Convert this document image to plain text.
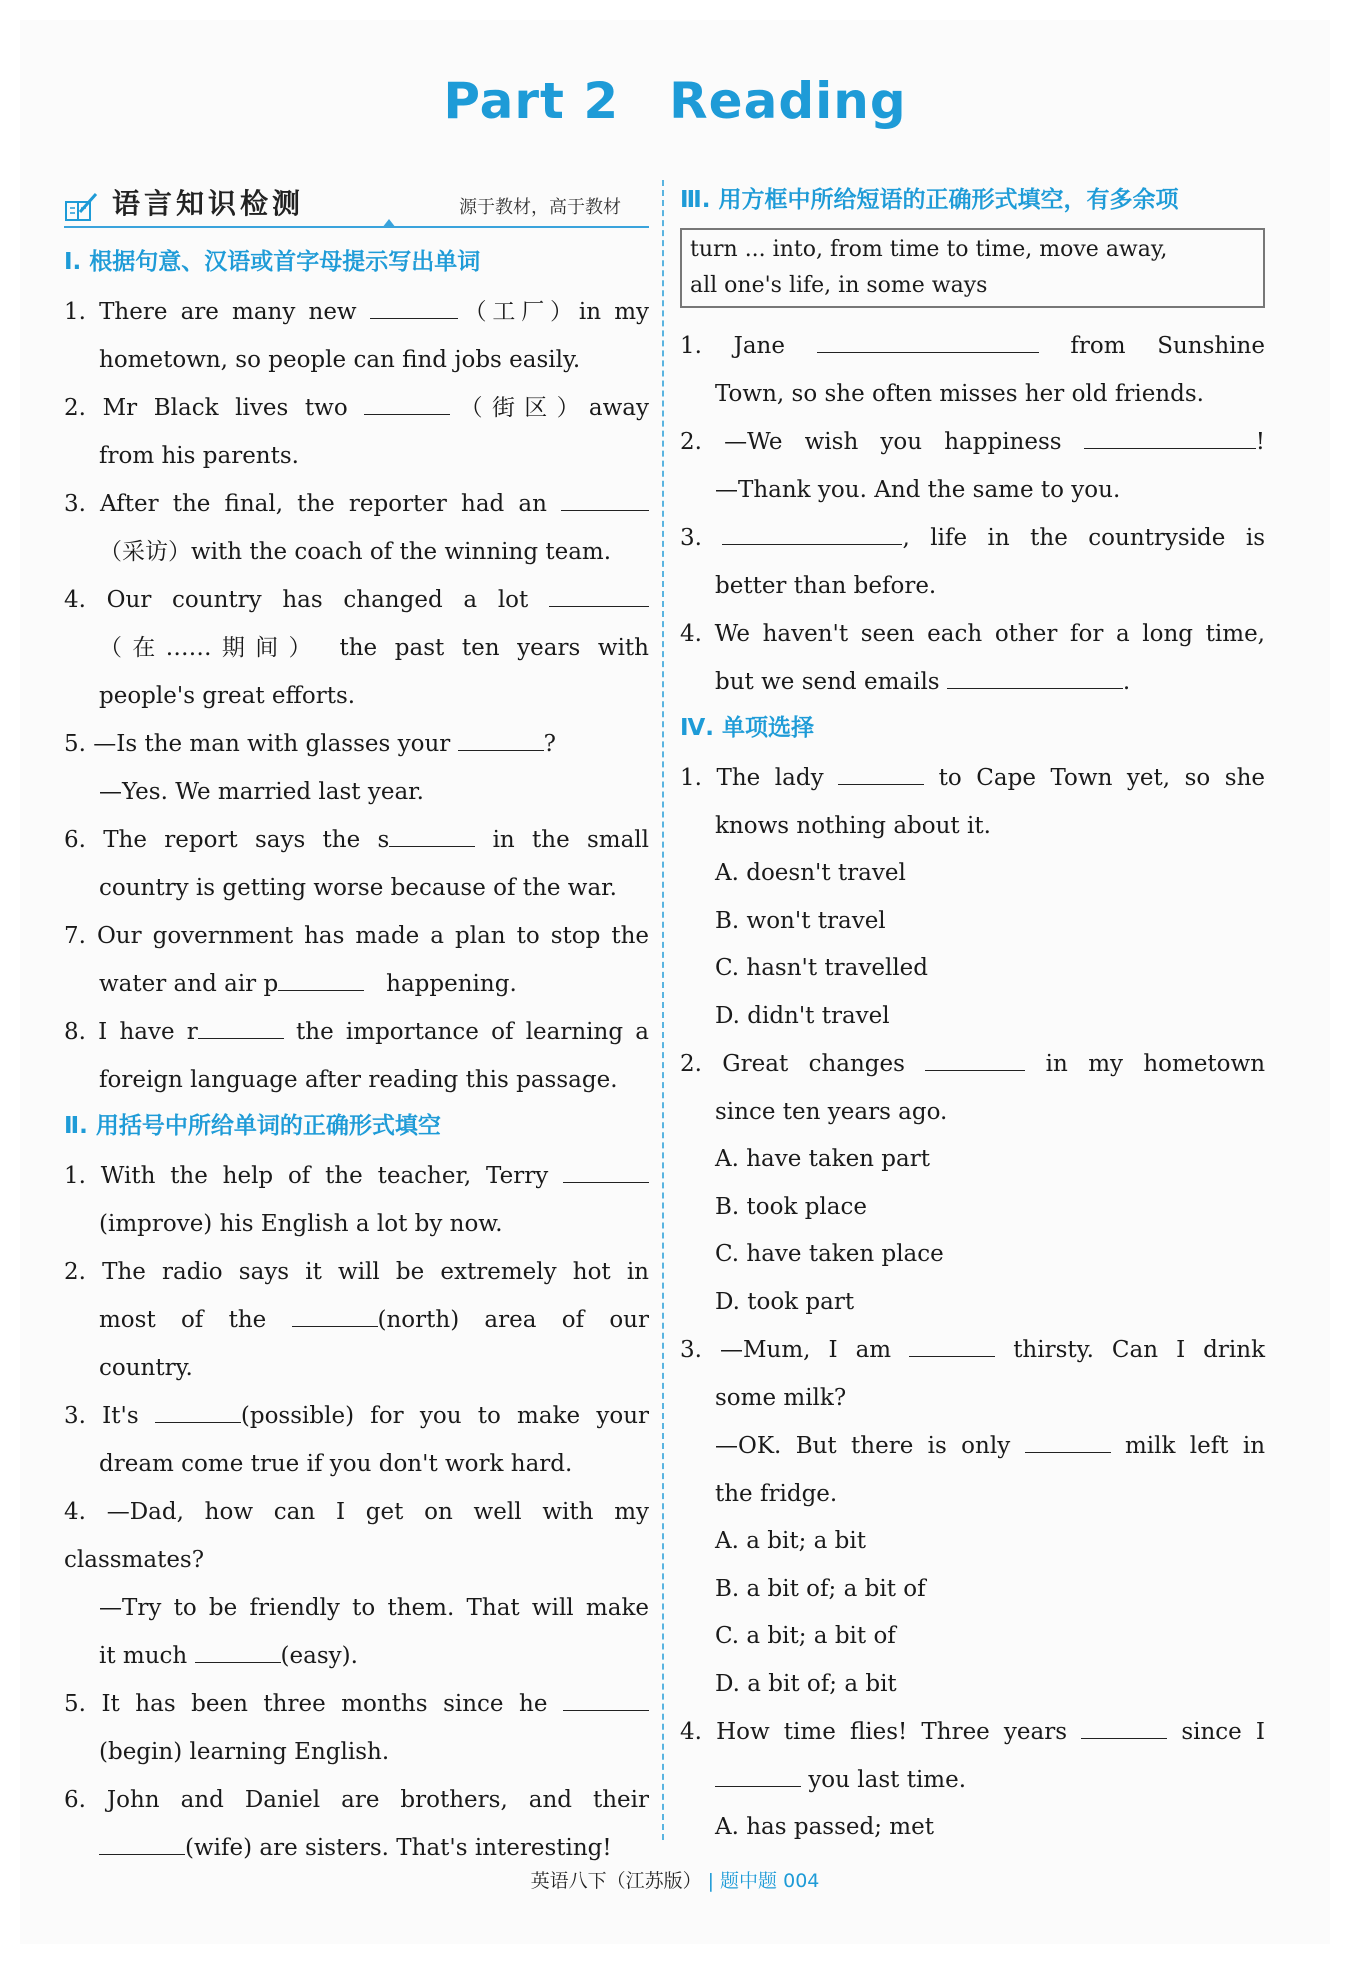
Part 2 Reading
语言知识检测	源于教材，高于教材
Ⅰ. 根据句意、汉语或首字母提示写出单词
1. There are many new	（工厂）in my
hometown, so people can find jobs easily.
2. Mr Black lives two	（街区）away
from his parents.
3. After the final, the reporter had an
（采访）with the coach of the winning team.
4. Our country has changed a lot
（在……期间） the past ten years with
people's great efforts.
5. —Is the man with glasses your	?
—Yes. We married last year.
6. The report says the s	in the small
country is getting worse because of the war.
7. Our government has made a plan to stop the
water and air p	happening.
8. I have r	the importance of learning a
foreign language after reading this passage.
Ⅱ. 用括号中所给单词的正确形式填空
1. With the help of the teacher, Terry
(improve) his English a lot by now.
2. The radio says it will be extremely hot in
most of the	(north) area of our
country.
3. It's	(possible) for you to make your
dream come true if you don't work hard.
4. —Dad, how can I get on well with my classmates?
—Try to be friendly to them. That will make
it much	(easy).
5. It has been three months since he
(begin) learning English.
6. John and Daniel are brothers, and their
(wife) are sisters. That's interesting!
Ⅲ. 用方框中所给短语的正确形式填空，有多余项
turn ... into, from time to time, move away,
all one's life, in some ways
1. Jane	from Sunshine
Town, so she often misses her old friends.
2. —We wish you happiness	!
—Thank you. And the same to you.
3.	, life in the countryside is
better than before.
4. We haven't seen each other for a long time,
but we send emails	.
Ⅳ. 单项选择
1. The lady	to Cape Town yet, so she
knows nothing about it.
A. doesn't travel
B. won't travel
C. hasn't travelled
D. didn't travel
2. Great changes	in my hometown
since ten years ago.
A. have taken part
B. took place
C. have taken place
D. took part
3. —Mum, I am	thirsty. Can I drink
some milk?
—OK. But there is only	milk left in
the fridge.
A. a bit; a bit
B. a bit of; a bit of
C. a bit; a bit of
D. a bit of; a bit
4. How time flies! Three years	since I
you last time.
A. has passed; met
英语八下（江苏版） | 题中题 004
